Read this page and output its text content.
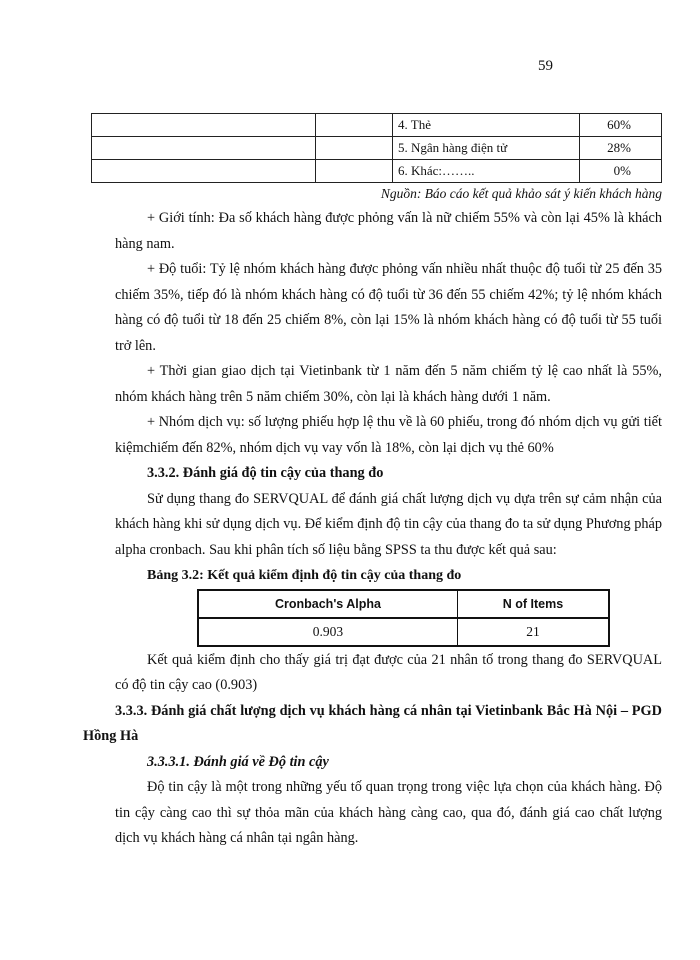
59
		4. Thẻ	60%
		5. Ngân hàng điện tử	28%
		6. Khác:……..	0%
Nguồn: Báo cáo kết quả khảo sát ý kiến khách hàng

+ Giới tính: Đa số khách hàng được phỏng vấn là nữ chiếm 55% và còn lại 45% là khách hàng nam.

+ Độ tuổi: Tỷ lệ nhóm khách hàng được phỏng vấn nhiều nhất thuộc độ tuổi từ 25 đến 35 chiếm 35%, tiếp đó là nhóm khách hàng có độ tuổi từ 36 đến 55 chiếm 42%; tỷ lệ nhóm khách hàng có độ tuổi từ 18 đến 25 chiếm 8%, còn lại 15% là nhóm khách hàng có độ tuổi từ 55 tuổi trở lên.

+ Thời gian giao dịch tại Vietinbank từ 1 năm đến 5 năm chiếm tỷ lệ cao nhất là 55%, nhóm khách hàng trên 5 năm chiếm 30%, còn lại là khách hàng dưới 1 năm.

+ Nhóm dịch vụ: số lượng phiếu hợp lệ thu về là 60 phiếu, trong đó nhóm dịch vụ gửi tiết kiệmchiếm đến 82%, nhóm dịch vụ vay vốn là 18%, còn lại dịch vụ thẻ 60%

3.3.2. Đánh giá độ tin cậy của thang đo

Sử dụng thang đo SERVQUAL để đánh giá chất lượng dịch vụ dựa trên sự cảm nhận của khách hàng khi sử dụng dịch vụ. Để kiểm định độ tin cậy của thang đo ta sử dụng Phương pháp alpha cronbach. Sau khi phân tích số liệu bằng SPSS ta thu được kết quả sau:

Bảng 3.2: Kết quả kiểm định độ tin cậy của thang đo

Cronbach's Alpha	N of Items
0.903	21

Kết quả kiểm định cho thấy giá trị đạt được của 21 nhân tố trong thang đo SERVQUAL có độ tin cậy cao (0.903)

3.3.3. Đánh giá chất lượng dịch vụ khách hàng cá nhân tại Vietinbank Bắc Hà Nội – PGD Hồng Hà

3.3.3.1. Đánh giá về Độ tin cậy

Độ tin cậy là một trong những yếu tố quan trọng trong việc lựa chọn của khách hàng. Độ tin cậy càng cao thì sự thỏa mãn của khách hàng càng cao, qua đó, đánh giá cao chất lượng dịch vụ khách hàng cá nhân tại ngân hàng.
